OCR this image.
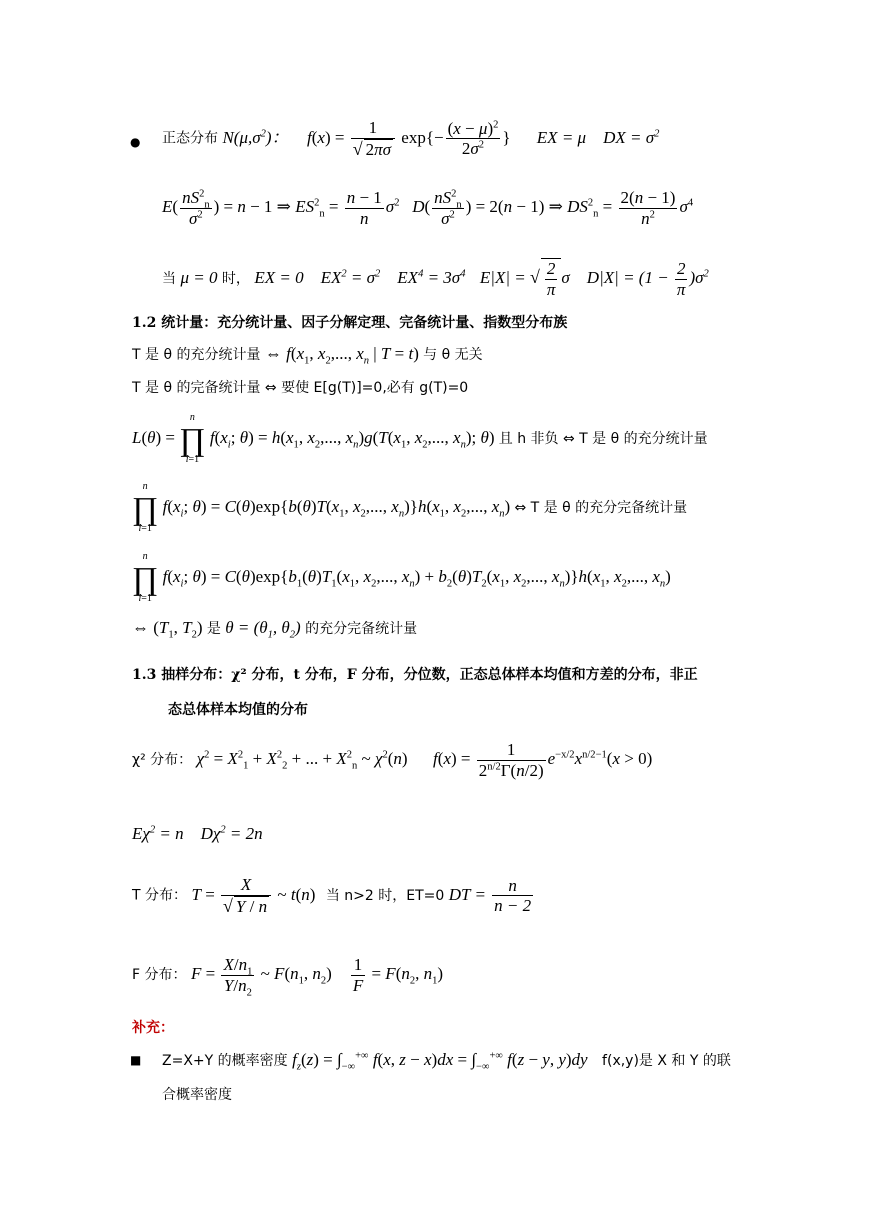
● 正态分布 $N(\mu,\sigma^2)$： $f(x) = \frac{1}{√ 2\pi\sigma} \exp\{- \frac{(x - \mu)^2}{2\sigma^2}$ } EX = μ    DX = $\sigma^2$
$E( \frac{nS^2_n}{\sigma^2}$ ) = n − 1 ⇒ $ES^2_n = \frac{n - 1}{n} \sigma^2$ $D( \frac{nS^2_n}{\sigma^2}$ ) = 2(n − 1) ⇒ $DS^2_n = \frac{2(n - 1)}{n^2} \sigma^4$
当 μ = 0 时， EX = 0    $EX^2 = \sigma^2$    $EX^4 = 3\sigma^4$ E|X| = √ $\frac{2}{\pi}$ σ    $D|X| = (1 - \frac{2}{\pi} )\sigma^2$
1.2 统计量：充分统计量、因子分解定理、完备统计量、指数型分布族
T 是 θ 的充分统计量 ⇔ $f(x_1$, $x_2$,..., $x_n$ | T = t) 与 θ 无关
T 是 θ 的完备统计量 ⇔ 要使 E[g(T)]=0,必有 g(T)=0
L(θ) = n
∏
i=1 $f(x_i$; $\theta) = h(x_1$, $x_2$,..., $x_n)g(T(x_1$, $x_2$,..., $x_n$); θ) 且 h 非负 ⇔ T 是 θ 的充分统计量
n
∏
i=1 $f(x_i$; $\theta) = C(\theta)\exp\{b(\theta)T(x_1$, $x_2$,..., $x_n)\}h(x_1$, $x_2$,..., $x_n$) ⇔ T 是 θ 的充分完备统计量
n
∏
i=1 $f(x_i$; $\theta) = C(\theta)\exp\{b_1(\theta)T_1(x_1$, $x_2$,..., $x_n) + b_2(\theta)T_2(x_1$, $x_2$,..., $x_n)\}h(x_1$, $x_2$,..., $x_n$)
⇔ ($T_1$, $T_2$) 是 $\theta = (\theta_1$, $\theta_2$) 的充分完备统计量
1.3 抽样分布：χ² 分布，t 分布，F 分布，分位数，正态总体样本均值和方差的分布，非正
态总体样本均值的分布
χ² 分布： $\chi^2 = X^2_1 + X^2_2$ + ... + $X^2_n$ ~ $\chi^2(n)$      $f(x) = \frac{1}{2^{n/2}\Gamma(n/2)} e^{-x/2}x^{n/2-1}(x > 0)$
$E\chi^2 = n$    $D\chi^2 = 2n$
T 分布： $T = \frac{X}{√ Y / n}$ ~ t(n) 当 n>2 时，ET=0 DT = $\frac{n}{n - 2}$
F 分布： $F = \frac{X/n_1}{Y/n_2}$ ~ $F(n_1$, $n_2) \frac{1}{F} = F(n_2$, $n_1$)
补充：
■ Z=X+Y 的概率密度 $f_z(z) = \int_{-\infty}^{+\infty}$ f(x, $z - x)dx = \int_{-\infty}^{+\infty}$ f(z − y, y)dy f(x,y)是 X 和 Y 的联
合概率密度
